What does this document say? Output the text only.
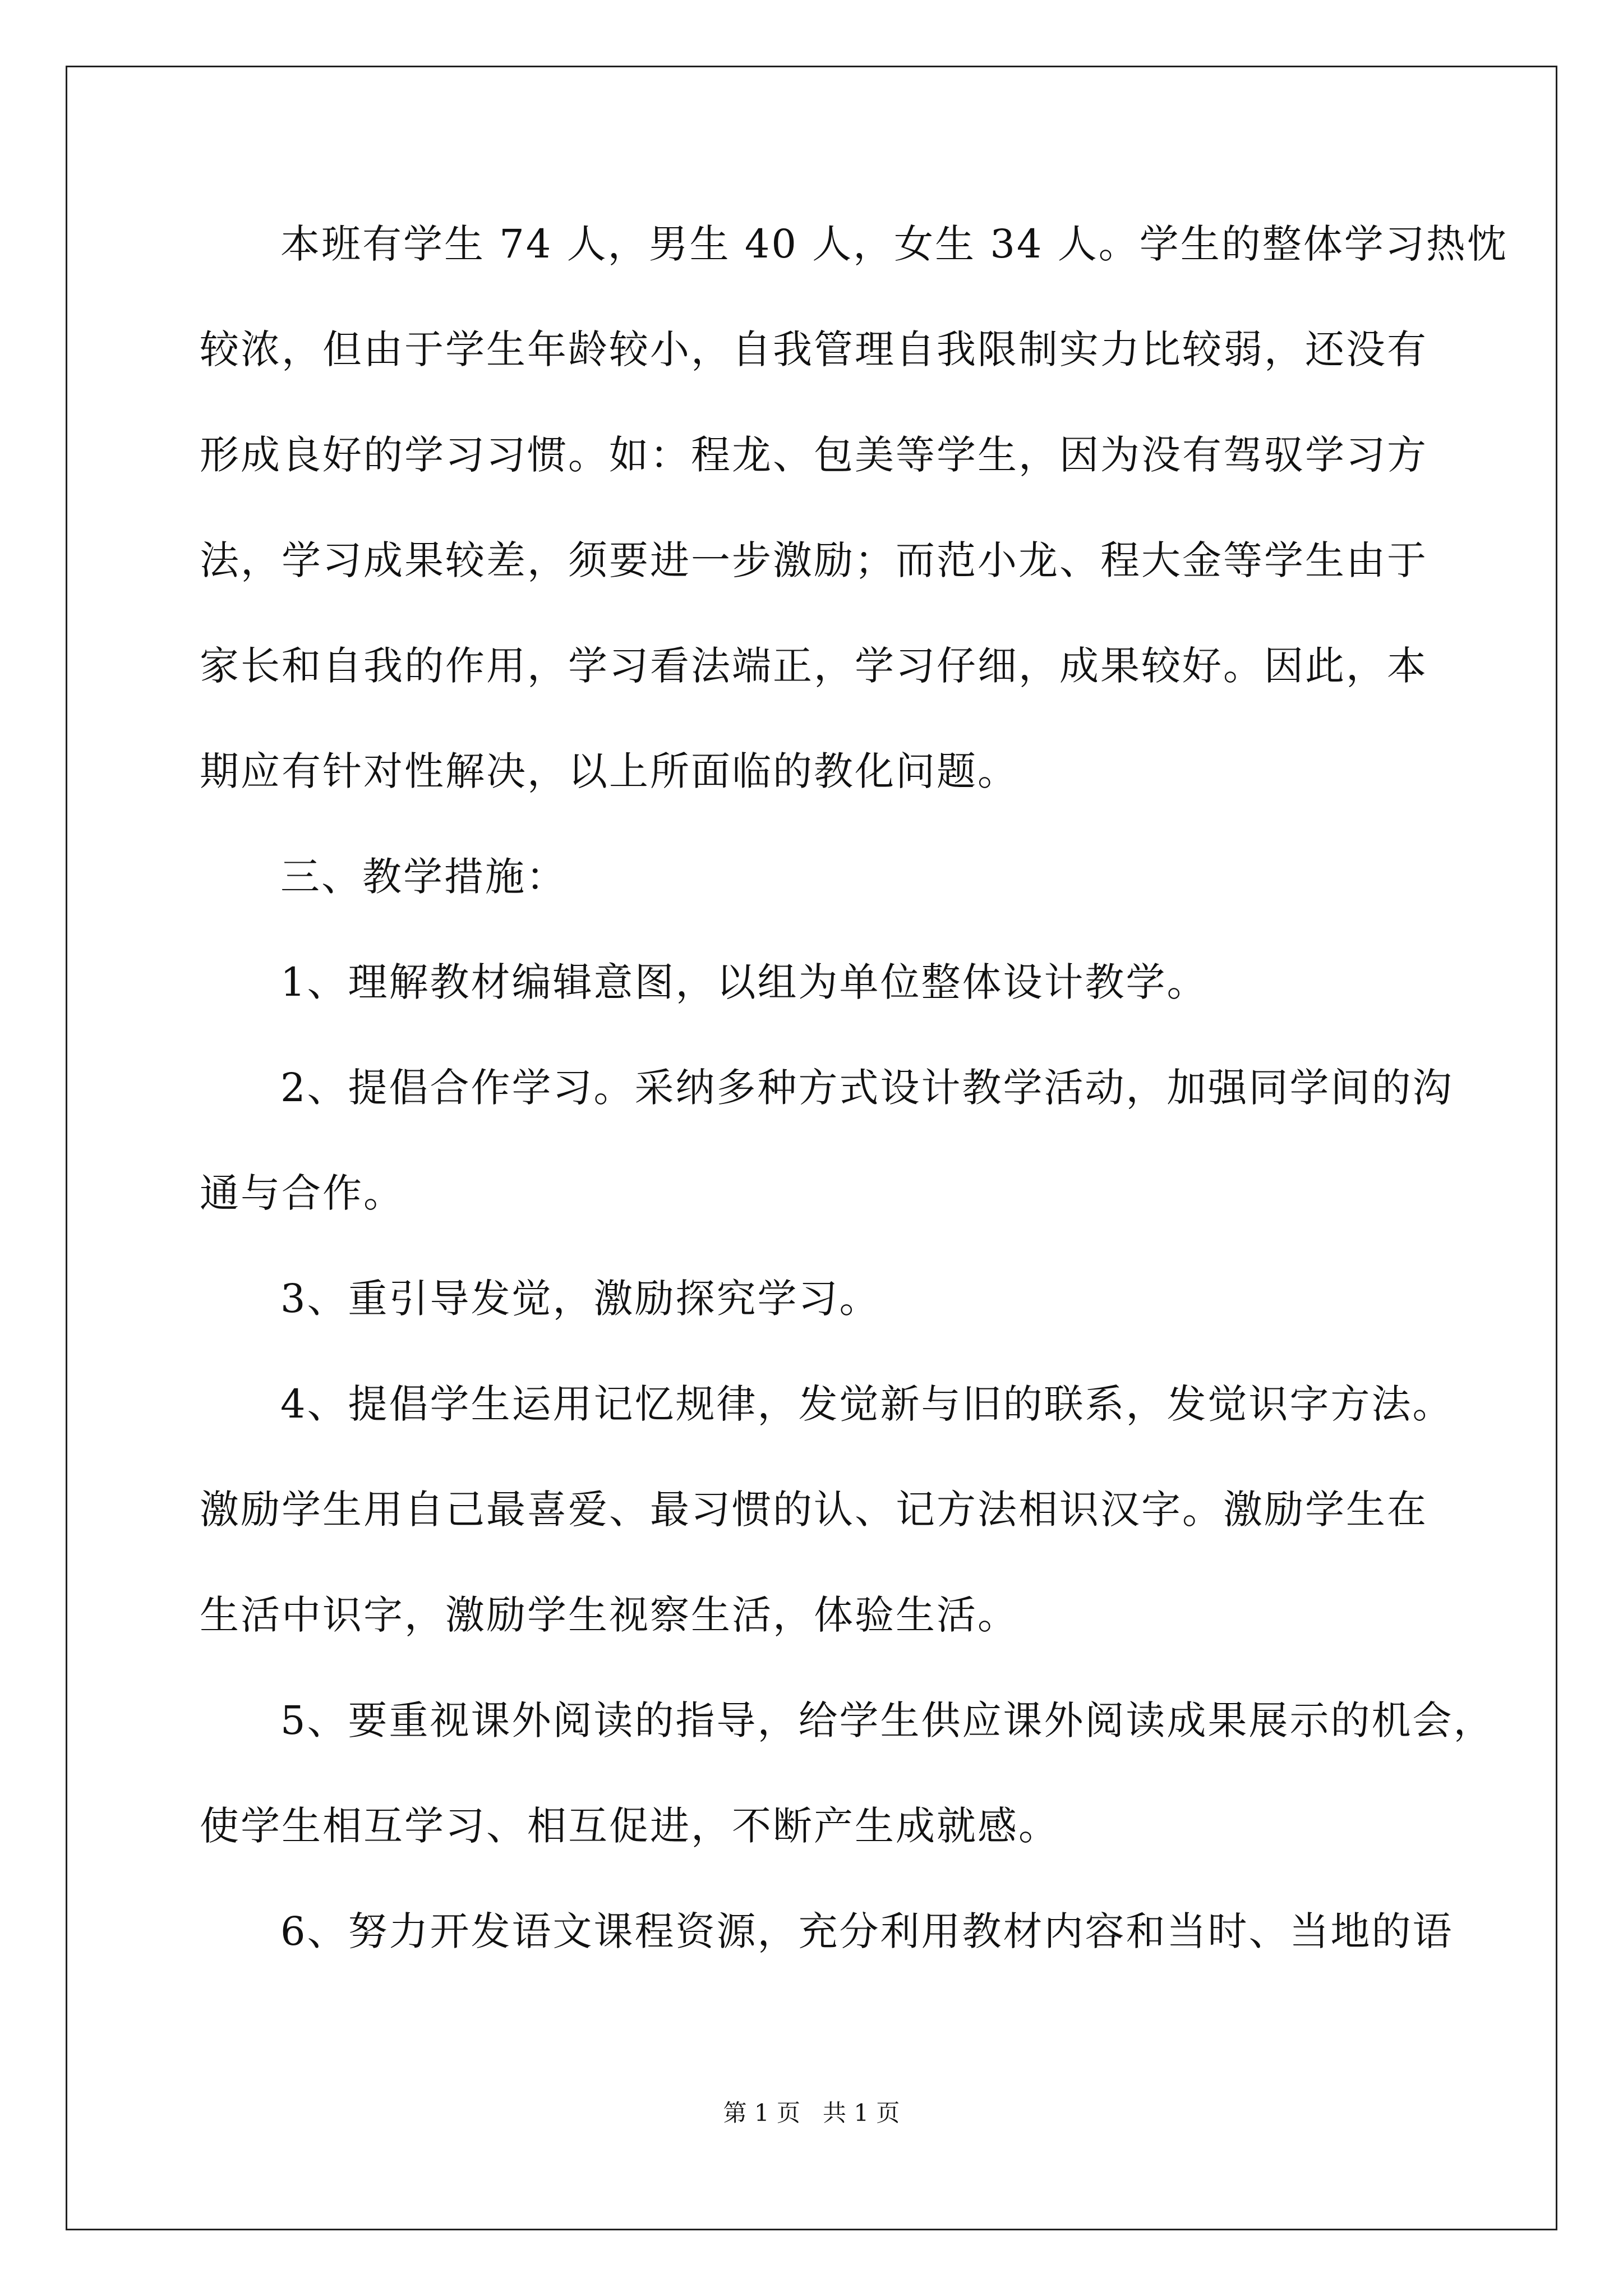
本班有学生 74 人，男生 40 人，女生 34 人。学生的整体学习热忱
较浓，但由于学生年龄较小，自我管理自我限制实力比较弱，还没有
形成良好的学习习惯。如：程龙、包美等学生，因为没有驾驭学习方
法，学习成果较差，须要进一步激励；而范小龙、程大金等学生由于
家长和自我的作用，学习看法端正，学习仔细，成果较好。因此，本
期应有针对性解决，以上所面临的教化问题。
三、教学措施：
1、理解教材编辑意图，以组为单位整体设计教学。
2、提倡合作学习。采纳多种方式设计教学活动，加强同学间的沟
通与合作。
3、重引导发觉，激励探究学习。
4、提倡学生运用记忆规律，发觉新与旧的联系，发觉识字方法。
激励学生用自己最喜爱、最习惯的认、记方法相识汉字。激励学生在
生活中识字，激励学生视察生活，体验生活。
5、要重视课外阅读的指导，给学生供应课外阅读成果展示的机会，
使学生相互学习、相互促进，不断产生成就感。
6、努力开发语文课程资源，充分利用教材内容和当时、当地的语
第 1 页 共 1 页
